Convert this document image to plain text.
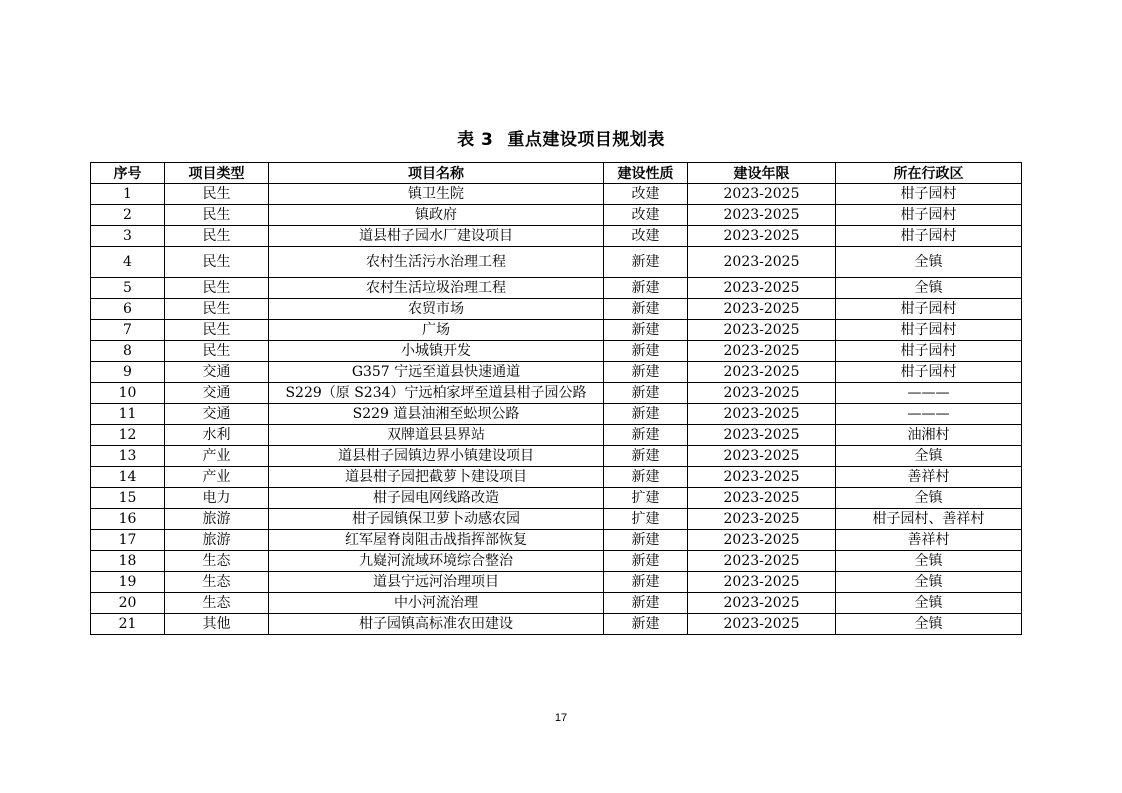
表 3 重点建设项目规划表
序号	项目类型	项目名称	建设性质	建设年限	所在行政区
1	民生	镇卫生院	改建	2023-2025	柑子园村
2	民生	镇政府	改建	2023-2025	柑子园村
3	民生	道县柑子园水厂建设项目	改建	2023-2025	柑子园村
4	民生	农村生活污水治理工程	新建	2023-2025	全镇
5	民生	农村生活垃圾治理工程	新建	2023-2025	全镇
6	民生	农贸市场	新建	2023-2025	柑子园村
7	民生	广场	新建	2023-2025	柑子园村
8	民生	小城镇开发	新建	2023-2025	柑子园村
9	交通	G357 宁远至道县快速通道	新建	2023-2025	柑子园村
10	交通	S229（原 S234）宁远柏家坪至道县柑子园公路	新建	2023-2025	———
11	交通	S229 道县油湘至蚣坝公路	新建	2023-2025	———
12	水利	双牌道县县界站	新建	2023-2025	油湘村
13	产业	道县柑子园镇边界小镇建设项目	新建	2023-2025	全镇
14	产业	道县柑子园把截萝卜建设项目	新建	2023-2025	善祥村
15	电力	柑子园电网线路改造	扩建	2023-2025	全镇
16	旅游	柑子园镇保卫萝卜动感农园	扩建	2023-2025	柑子园村、善祥村
17	旅游	红军屋脊岗阻击战指挥部恢复	新建	2023-2025	善祥村
18	生态	九嶷河流域环境综合整治	新建	2023-2025	全镇
19	生态	道县宁远河治理项目	新建	2023-2025	全镇
20	生态	中小河流治理	新建	2023-2025	全镇
21	其他	柑子园镇高标准农田建设	新建	2023-2025	全镇
17
